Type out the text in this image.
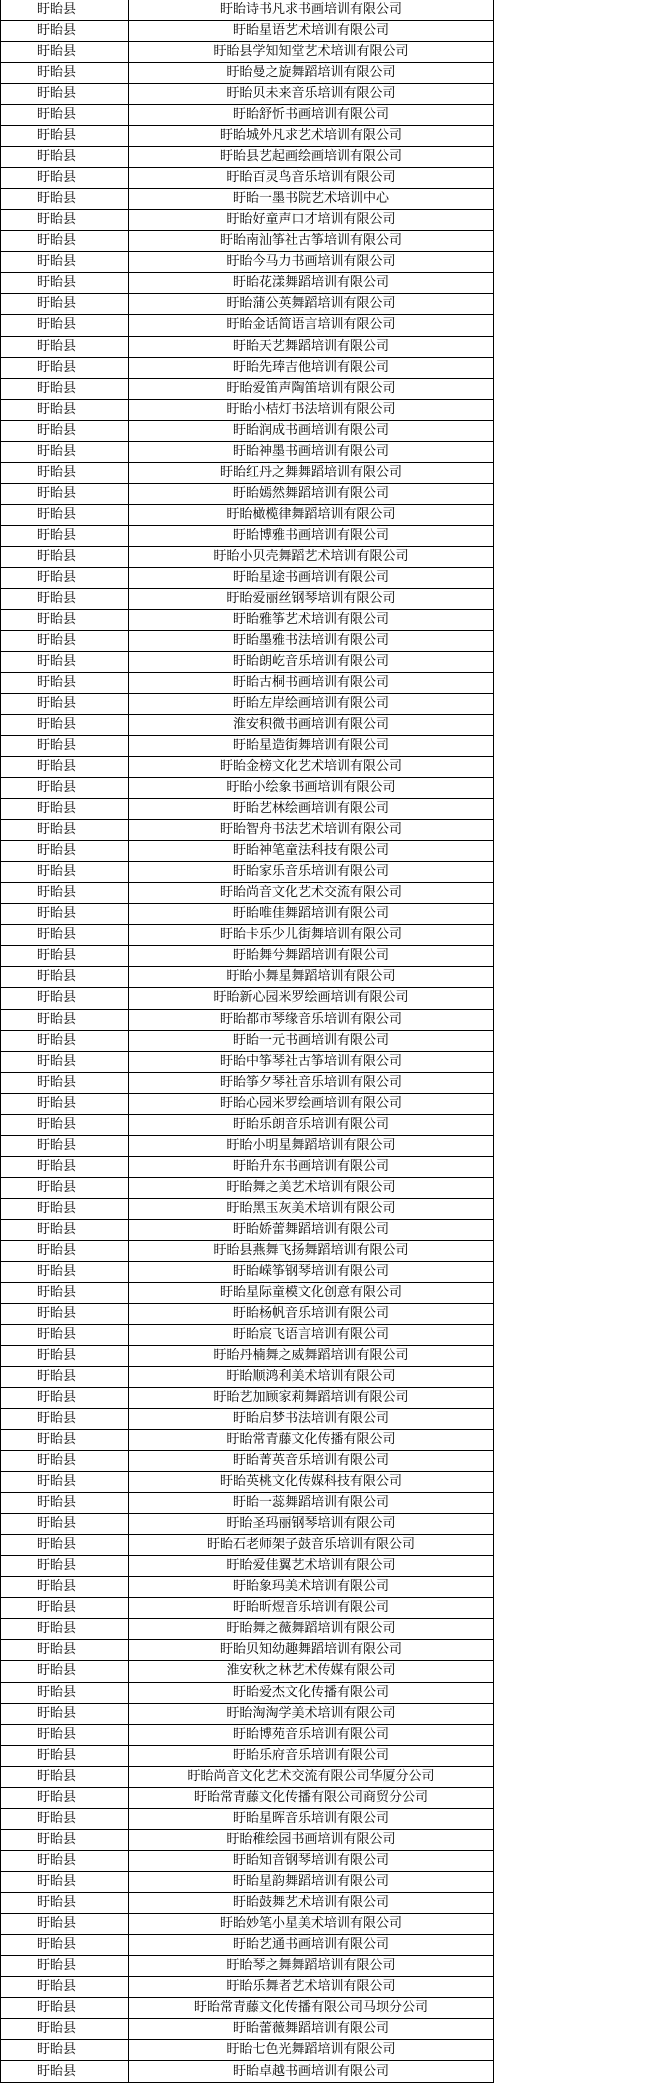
盱眙县	盱眙诗书凡求书画培训有限公司	
盱眙县	盱眙星语艺术培训有限公司	
盱眙县	盱眙县学知知堂艺术培训有限公司	
盱眙县	盱眙曼之旋舞蹈培训有限公司	
盱眙县	盱眙贝未来音乐培训有限公司	
盱眙县	盱眙舒忻书画培训有限公司	
盱眙县	盱眙城外凡求艺术培训有限公司	
盱眙县	盱眙县艺起画绘画培训有限公司	
盱眙县	盱眙百灵鸟音乐培训有限公司	
盱眙县	盱眙一墨书院艺术培训中心	
盱眙县	盱眙好童声口才培训有限公司	
盱眙县	盱眙南汕筝社古筝培训有限公司	
盱眙县	盱眙今马力书画培训有限公司	
盱眙县	盱眙花漾舞蹈培训有限公司	
盱眙县	盱眙蒲公英舞蹈培训有限公司	
盱眙县	盱眙金话简语言培训有限公司	
盱眙县	盱眙天艺舞蹈培训有限公司	
盱眙县	盱眙先琫吉他培训有限公司	
盱眙县	盱眙爱笛声陶笛培训有限公司	
盱眙县	盱眙小桔灯书法培训有限公司	
盱眙县	盱眙润成书画培训有限公司	
盱眙县	盱眙神墨书画培训有限公司	
盱眙县	盱眙红丹之舞舞蹈培训有限公司	
盱眙县	盱眙嫣然舞蹈培训有限公司	
盱眙县	盱眙橄榄律舞蹈培训有限公司	
盱眙县	盱眙博雅书画培训有限公司	
盱眙县	盱眙小贝壳舞蹈艺术培训有限公司	
盱眙县	盱眙星途书画培训有限公司	
盱眙县	盱眙爱丽丝钢琴培训有限公司	
盱眙县	盱眙雅筝艺术培训有限公司	
盱眙县	盱眙墨雅书法培训有限公司	
盱眙县	盱眙朗屹音乐培训有限公司	
盱眙县	盱眙古桐书画培训有限公司	
盱眙县	盱眙左岸绘画培训有限公司	
盱眙县	淮安积微书画培训有限公司	
盱眙县	盱眙星造街舞培训有限公司	
盱眙县	盱眙金榜文化艺术培训有限公司	
盱眙县	盱眙小绘象书画培训有限公司	
盱眙县	盱眙艺林绘画培训有限公司	
盱眙县	盱眙智舟书法艺术培训有限公司	
盱眙县	盱眙神笔童法科技有限公司	
盱眙县	盱眙家乐音乐培训有限公司	
盱眙县	盱眙尚音文化艺术交流有限公司	
盱眙县	盱眙唯佳舞蹈培训有限公司	
盱眙县	盱眙卡乐少儿街舞培训有限公司	
盱眙县	盱眙舞兮舞蹈培训有限公司	
盱眙县	盱眙小舞星舞蹈培训有限公司	
盱眙县	盱眙新心园米罗绘画培训有限公司	
盱眙县	盱眙都市琴缘音乐培训有限公司	
盱眙县	盱眙一元书画培训有限公司	
盱眙县	盱眙中筝琴社古筝培训有限公司	
盱眙县	盱眙筝夕琴社音乐培训有限公司	
盱眙县	盱眙心园米罗绘画培训有限公司	
盱眙县	盱眙乐朗音乐培训有限公司	
盱眙县	盱眙小明星舞蹈培训有限公司	
盱眙县	盱眙升东书画培训有限公司	
盱眙县	盱眙舞之美艺术培训有限公司	
盱眙县	盱眙黑玉灰美术培训有限公司	
盱眙县	盱眙娇蕾舞蹈培训有限公司	
盱眙县	盱眙县燕舞飞扬舞蹈培训有限公司	
盱眙县	盱眙嵘筝钢琴培训有限公司	
盱眙县	盱眙星际童模文化创意有限公司	
盱眙县	盱眙杨帆音乐培训有限公司	
盱眙县	盱眙宸飞语言培训有限公司	
盱眙县	盱眙丹楠舞之威舞蹈培训有限公司	
盱眙县	盱眙顺鸿利美术培训有限公司	
盱眙县	盱眙艺加顾家莉舞蹈培训有限公司	
盱眙县	盱眙启梦书法培训有限公司	
盱眙县	盱眙常青藤文化传播有限公司	
盱眙县	盱眙菁英音乐培训有限公司	
盱眙县	盱眙英桃文化传媒科技有限公司	
盱眙县	盱眙一蕊舞蹈培训有限公司	
盱眙县	盱眙圣玛丽钢琴培训有限公司	
盱眙县	盱眙石老师架子鼓音乐培训有限公司	
盱眙县	盱眙爱佳翼艺术培训有限公司	
盱眙县	盱眙象玛美术培训有限公司	
盱眙县	盱眙昕煜音乐培训有限公司	
盱眙县	盱眙舞之薇舞蹈培训有限公司	
盱眙县	盱眙贝知幼趣舞蹈培训有限公司	
盱眙县	淮安秋之林艺术传媒有限公司	
盱眙县	盱眙爱杰文化传播有限公司	
盱眙县	盱眙淘淘学美术培训有限公司	
盱眙县	盱眙博苑音乐培训有限公司	
盱眙县	盱眙乐府音乐培训有限公司	
盱眙县	盱眙尚音文化艺术交流有限公司华厦分公司	
盱眙县	盱眙常青藤文化传播有限公司商贸分公司	
盱眙县	盱眙星晖音乐培训有限公司	
盱眙县	盱眙稚绘园书画培训有限公司	
盱眙县	盱眙知音钢琴培训有限公司	
盱眙县	盱眙星韵舞蹈培训有限公司	
盱眙县	盱眙鼓舞艺术培训有限公司	
盱眙县	盱眙妙笔小星美术培训有限公司	
盱眙县	盱眙艺通书画培训有限公司	
盱眙县	盱眙琴之舞舞蹈培训有限公司	
盱眙县	盱眙乐舞者艺术培训有限公司	
盱眙县	盱眙常青藤文化传播有限公司马坝分公司	
盱眙县	盱眙蕾薇舞蹈培训有限公司	
盱眙县	盱眙七色光舞蹈培训有限公司	
盱眙县	盱眙卓越书画培训有限公司	
